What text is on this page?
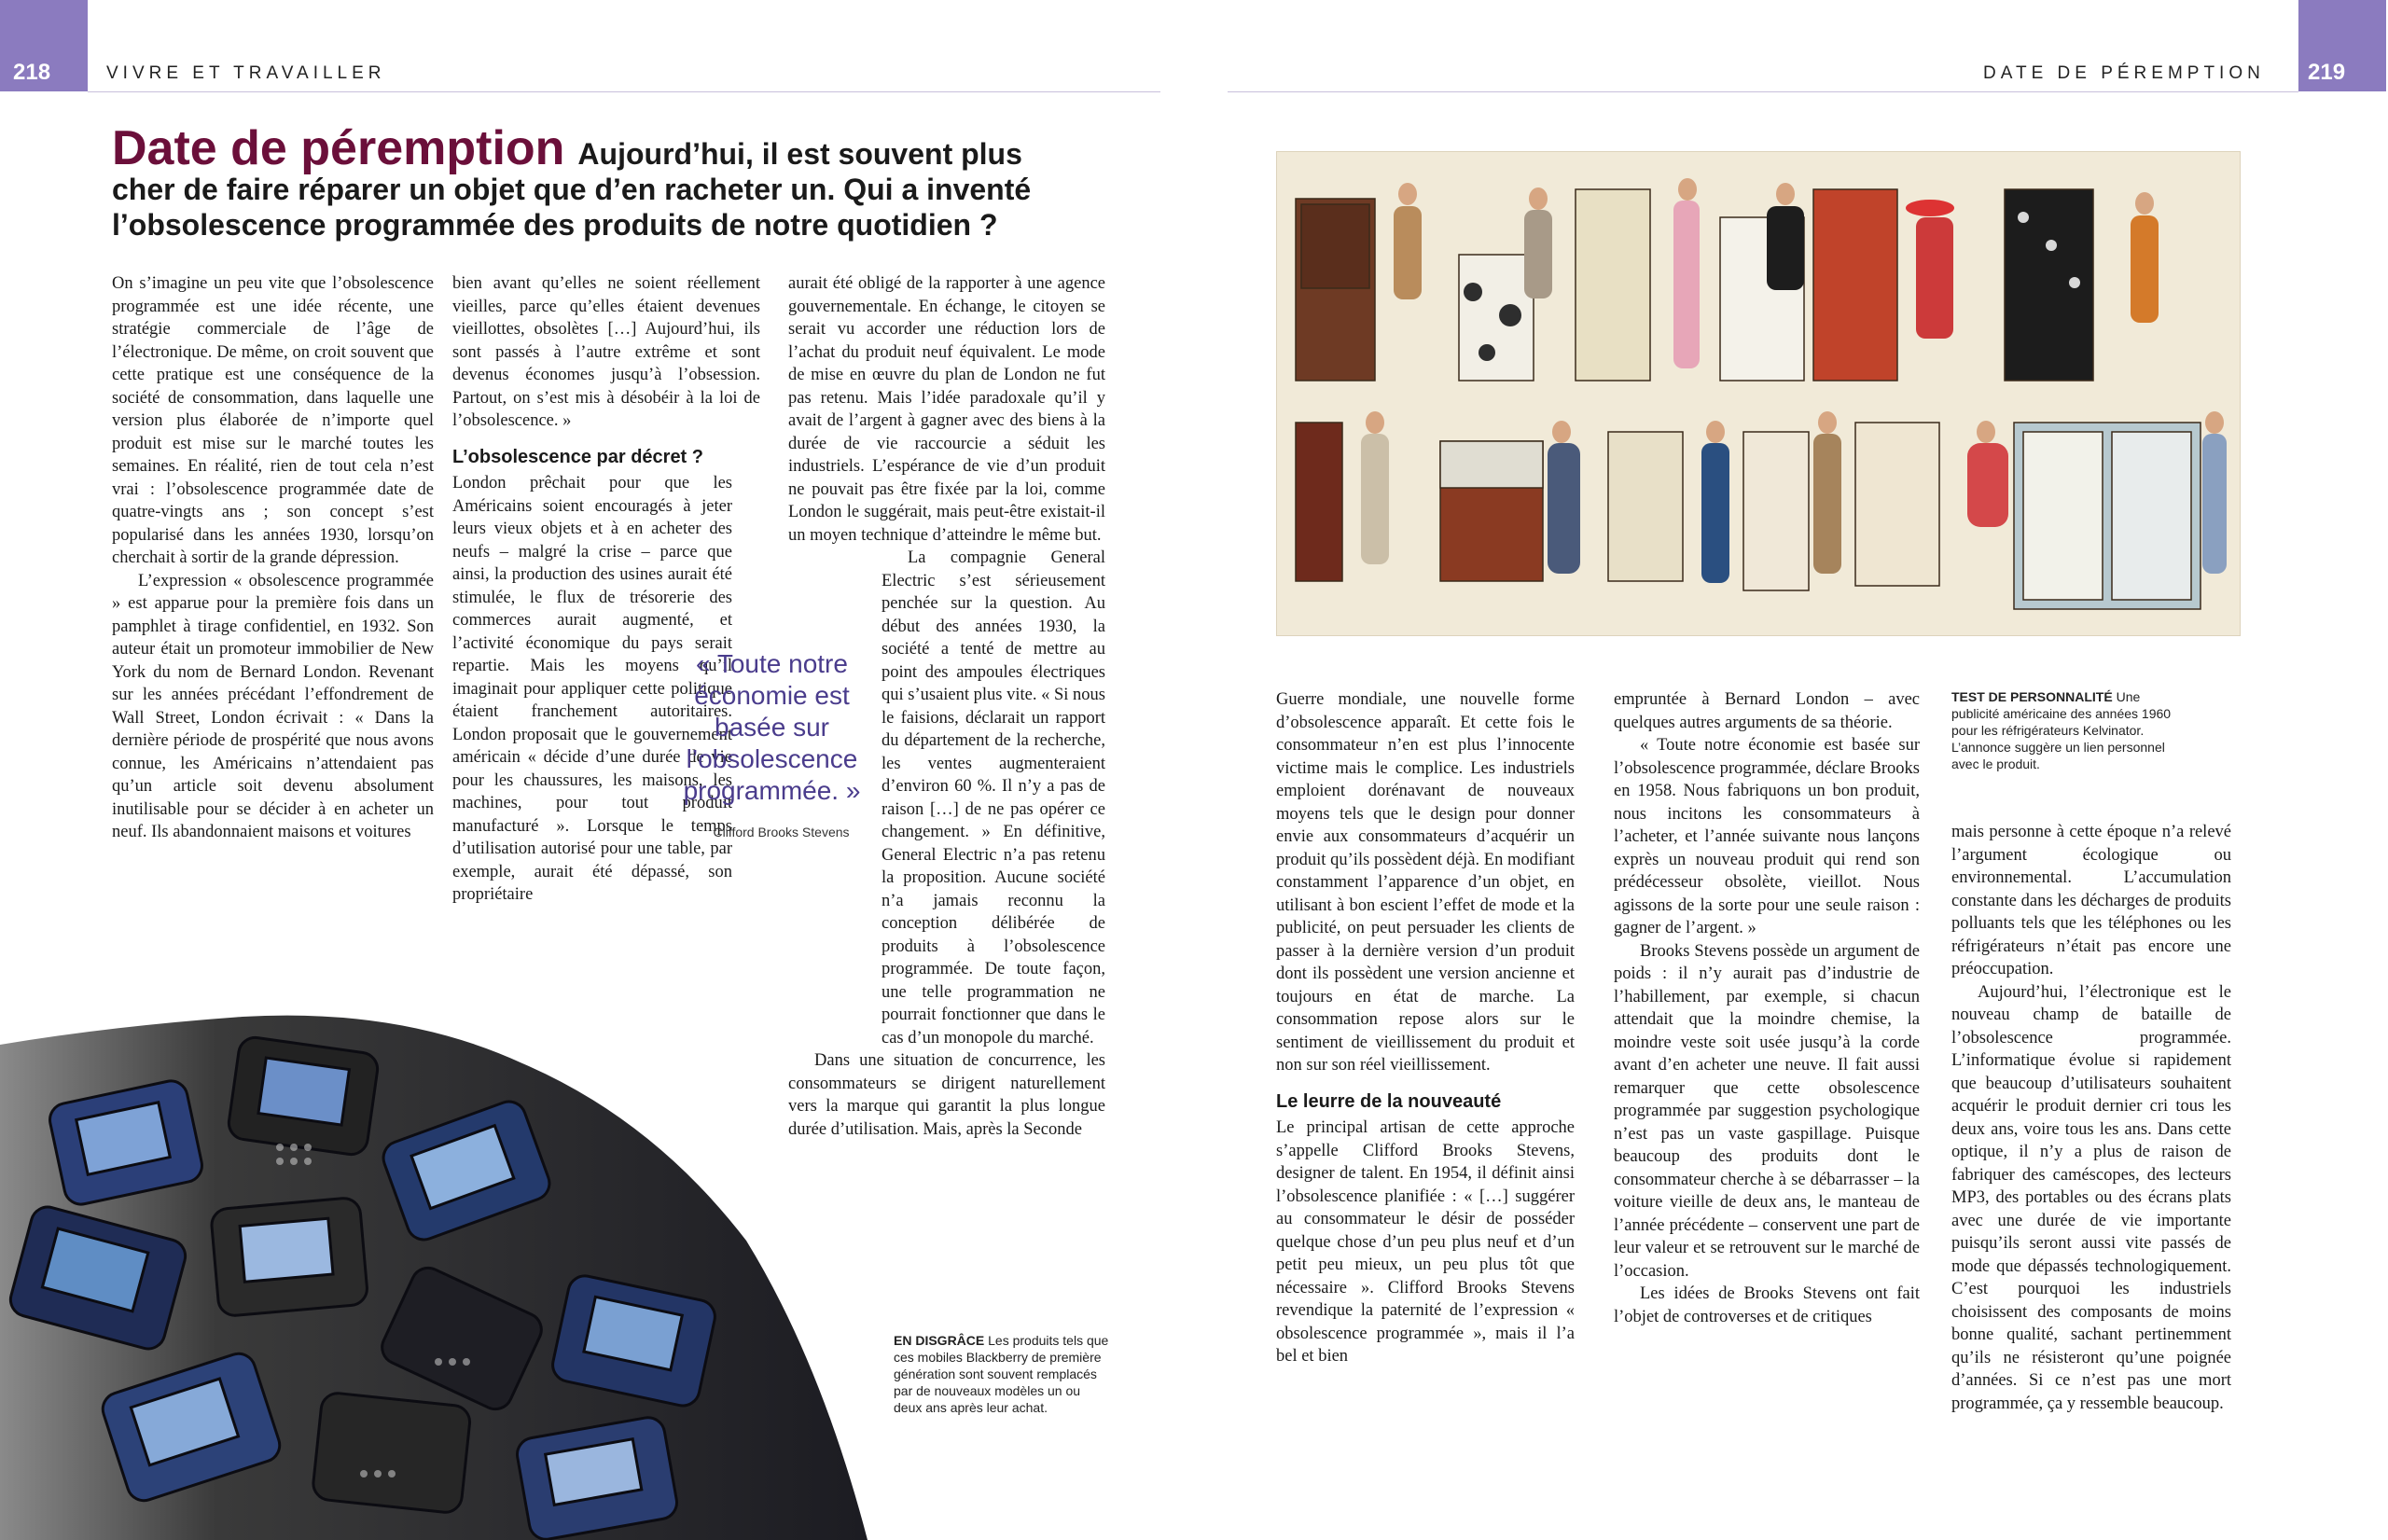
218	VIVRE ET TRAVAILLER	219
DATE DE PÉREMPTION
Date de péremption Aujourd’hui, il est souvent plus cher de faire réparer un objet que d’en racheter un. Qui a inventé l’obsolescence programmée des produits de notre quotidien ?

On s’imagine un peu vite que l’obsolescence programmée est une idée récente, une stratégie commerciale de l’âge de l’électronique. De même, on croit souvent que cette pratique est une conséquence de la société de consommation, dans laquelle une version plus élaborée de n’importe quel produit est mise sur le marché toutes les semaines. En réalité, rien de tout cela n’est vrai : l’obsolescence programmée date de quatre-vingts ans ; son concept s’est popularisé dans les années 1930, lorsqu’on cherchait à sortir de la grande dépression.

L’expression « obsolescence programmée » est apparue pour la première fois dans un pamphlet à tirage confidentiel, en 1932. Son auteur était un promoteur immobilier de New York du nom de Bernard London. Revenant sur les années précédant l’effondrement de Wall Street, London écrivait : « Dans la dernière période de prospérité que nous avons connue, les Américains n’attendaient pas qu’un article soit devenu absolument inutilisable pour se décider à en acheter un neuf. Ils abandonnaient maisons et voitures

bien avant qu’elles ne soient réellement vieilles, parce qu’elles étaient devenues vieillottes, obsolètes […] Aujourd’hui, ils sont passés à l’autre extrême et sont devenus économes jusqu’à l’obsession. Partout, on s’est mis à désobéir à la loi de l’obsolescence. »

L’obsolescence par décret ?

London prêchait pour que les Américains soient encouragés à jeter leurs vieux objets et à en acheter des neufs – malgré la crise – parce que ainsi, la production des usines aurait été stimulée, le flux de trésorerie des commerces aurait augmenté, et l’activité économique du pays serait repartie. Mais les moyens qu’il imaginait pour appliquer cette politique étaient franchement autoritaires. London proposait que le gouvernement américain « décide d’une durée de vie pour les chaussures, les maisons, les machines, pour tout produit manufacturé ». Lorsque le temps d’utilisation autorisé pour une table, par exemple, aurait été dépassé, son propriétaire

aurait été obligé de la rapporter à une agence gouvernementale. En échange, le citoyen se serait vu accorder une réduction lors de l’achat du produit neuf équivalent. Le mode de mise en œuvre du plan de London ne fut pas retenu. Mais l’idée paradoxale qu’il y avait de l’argent à gagner avec des biens à la durée de vie raccourcie a séduit les industriels. L’espérance de vie d’un produit ne pouvait pas être fixée par la loi, comme London le suggérait, mais peut-être existait-il un moyen technique d’atteindre le même but.

La compagnie General Electric s’est sérieusement penchée sur la question. Au début des années 1930, la société a tenté de mettre au point des ampoules électriques qui s’usaient plus vite. « Si nous le faisions, déclarait un rapport du département de la recherche, les ventes augmenteraient d’environ 60 %. Il n’y a pas de raison […] de ne pas opérer ce changement. » En définitive, General Electric n’a pas retenu la proposition. Aucune société n’a jamais reconnu la conception délibérée de produits à l’obsolescence programmée. De toute façon, une telle programmation ne pourrait fonctionner que dans le cas d’un monopole du marché.

Dans une situation de concurrence, les consommateurs se dirigent naturellement vers la marque qui garantit la plus longue durée d’utilisation. Mais, après la Seconde

« Toute notre économie est basée sur l’obsolescence programmée. »
Clifford Brooks Stevens
EN DISGRÂCE Les produits tels que ces mobiles Blackberry de première génération sont souvent remplacés par de nouveaux modèles un ou deux ans après leur achat.

Guerre mondiale, une nouvelle forme d’obsolescence apparaît. Et cette fois le consommateur n’en est plus l’innocente victime mais le complice. Les industriels emploient dorénavant de nouveaux moyens tels que le design pour donner envie aux consommateurs d’acquérir un produit qu’ils possèdent déjà. En modifiant constamment l’apparence d’un objet, en utilisant à bon escient l’effet de mode et la publicité, on peut persuader les clients de passer à la dernière version d’un produit dont ils possèdent une version ancienne et toujours en état de marche. La consommation repose alors sur le sentiment de vieillissement du produit et non sur son réel vieillissement.

Le leurre de la nouveauté

Le principal artisan de cette approche s’appelle Clifford Brooks Stevens, designer de talent. En 1954, il définit ainsi l’obsolescence planifiée : « […] suggérer au consommateur le désir de posséder quelque chose d’un peu plus neuf et d’un petit peu mieux, un peu plus tôt que nécessaire ». Clifford Brooks Stevens revendique la paternité de l’expression « obsolescence programmée », mais il l’a bel et bien

empruntée à Bernard London – avec quelques autres arguments de sa théorie.

« Toute notre économie est basée sur l’obsolescence programmée, déclare Brooks en 1958. Nous fabriquons un bon produit, nous incitons les consommateurs à l’acheter, et l’année suivante nous lançons exprès un nouveau produit qui rend son prédécesseur obsolète, vieillot. Nous agissons de la sorte pour une seule raison : gagner de l’argent. »

Brooks Stevens possède un argument de poids : il n’y aurait pas d’industrie de l’habillement, par exemple, si chacun attendait que la moindre chemise, la moindre veste soit usée jusqu’à la corde avant d’en acheter une neuve. Il fait aussi remarquer que cette obsolescence programmée par suggestion psychologique n’est pas un vaste gaspillage. Puisque beaucoup des produits dont le consommateur cherche à se débarrasser – la voiture vieille de deux ans, le manteau de l’année précédente – conservent une part de leur valeur et se retrouvent sur le marché de l’occasion.

Les idées de Brooks Stevens ont fait l’objet de controverses et de critiques

TEST DE PERSONNALITÉ Une publicité américaine des années 1960 pour les réfrigérateurs Kelvinator. L’annonce suggère un lien personnel avec le produit.

mais personne à cette époque n’a relevé l’argument écologique ou environnemental. L’accumulation constante dans les décharges de produits polluants tels que les téléphones ou les réfrigérateurs n’était pas encore une préoccupation.

Aujourd’hui, l’électronique est le nouveau champ de bataille de l’obsolescence programmée. L’informatique évolue si rapidement que beaucoup d’utilisateurs souhaitent acquérir le produit dernier cri tous les deux ans, voire tous les ans. Dans cette optique, il n’y a plus de raison de fabriquer des caméscopes, des lecteurs MP3, des portables ou des écrans plats avec une durée de vie importante puisqu’ils seront aussi vite passés de mode que dépassés technologiquement. C’est pourquoi les industriels choisissent des composants de moins bonne qualité, sachant pertinemment qu’ils ne résisteront qu’une poignée d’années. Si ce n’est pas une mort programmée, ça y ressemble beaucoup.
